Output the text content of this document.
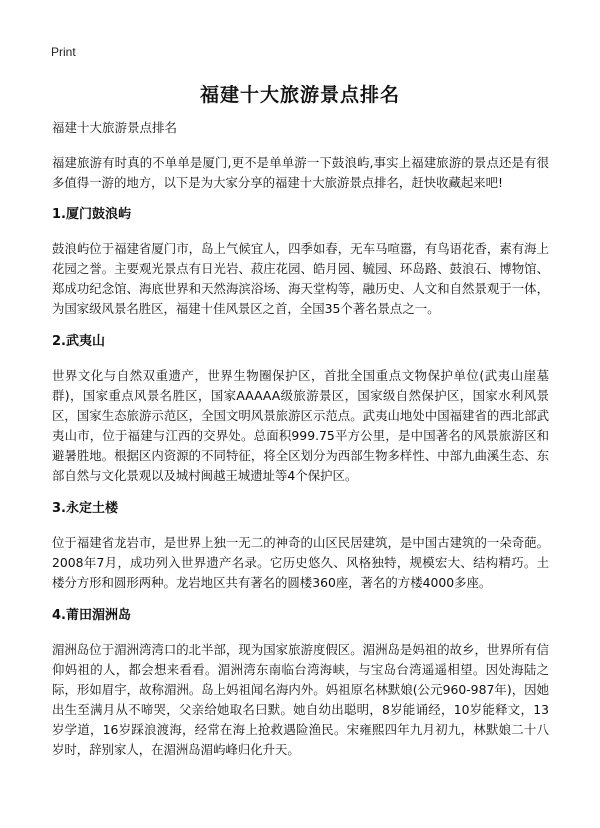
Print
福建十大旅游景点排名
福建十大旅游景点排名

福建旅游有时真的不单单是厦门,更不是单单游一下鼓浪屿,事实上福建旅游的景点还是有很多值得一游的地方，以下是为大家分享的福建十大旅游景点排名，赶快收藏起来吧!

1.厦门鼓浪屿

鼓浪屿位于福建省厦门市，岛上气候宜人，四季如春，无车马喧嚣，有鸟语花香，素有海上花园之誉。主要观光景点有日光岩、菽庄花园、皓月园、毓园、环岛路、鼓浪石、博物馆、郑成功纪念馆、海底世界和天然海滨浴场、海天堂构等，融历史、人文和自然景观于一体，为国家级风景名胜区，福建十佳风景区之首，全国35个著名景点之一。

2.武夷山

世界文化与自然双重遗产，世界生物圈保护区，首批全国重点文物保护单位(武夷山崖墓群)，国家重点风景名胜区，国家AAAAA级旅游景区，国家级自然保护区，国家水利风景区，国家生态旅游示范区，全国文明风景旅游区示范点。武夷山地处中国福建省的西北部武夷山市，位于福建与江西的交界处。总面积999.75平方公里，是中国著名的风景旅游区和避暑胜地。根据区内资源的不同特征，将全区划分为西部生物多样性、中部九曲溪生态、东部自然与文化景观以及城村闽越王城遗址等4个保护区。

3.永定土楼

位于福建省龙岩市，是世界上独一无二的神奇的山区民居建筑，是中国古建筑的一朵奇葩。2008年7月，成功列入世界遗产名录。它历史悠久、风格独特，规模宏大、结构精巧。土楼分方形和圆形两种。龙岩地区共有著名的圆楼360座，著名的方楼4000多座。

4.莆田湄洲岛

湄洲岛位于湄洲湾湾口的北半部，现为国家旅游度假区。湄洲岛是妈祖的故乡，世界所有信仰妈祖的人，都会想来看看。湄洲湾东南临台湾海峡，与宝岛台湾遥遥相望。因处海陆之际，形如眉宇，故称湄洲。岛上妈祖闻名海内外。妈祖原名林默娘(公元960-987年)，因她出生至满月从不啼哭，父亲给她取名曰默。她自幼出聪明，8岁能诵经，10岁能释文，13岁学道，16岁踩浪渡海，经常在海上抢救遇险渔民。宋雍熙四年九月初九，林默娘二十八岁时，辞别家人，在湄洲岛湄屿峰归化升天。
